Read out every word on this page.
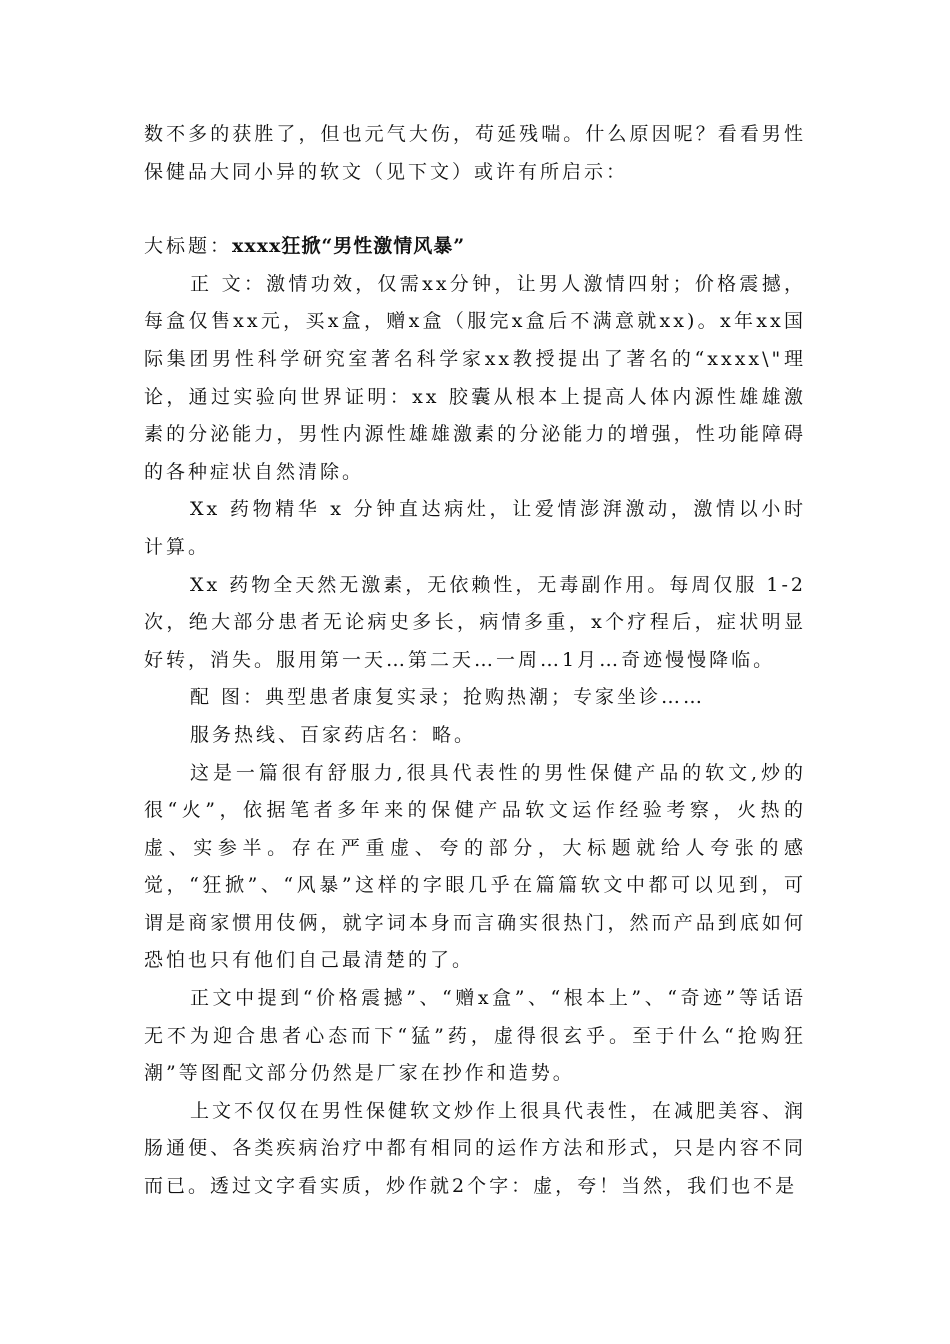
数不多的获胜了，但也元气大伤，苟延残喘。什么原因呢？看看男性保健品大同小异的软文（见下文）或许有所启示：

大标题：xxxx狂掀“男性激情风暴”

正 文：激情功效，仅需xx分钟，让男人激情四射；价格震撼，每盒仅售xx元，买x盒，赠x盒（服完x盒后不满意就xx)。x年xx国际集团男性科学研究室著名科学家xx教授提出了著名的“xxxx\"理论，通过实验向世界证明：xx 胶囊从根本上提高人体内源性雄雄激素的分泌能力，男性内源性雄雄激素的分泌能力的增强，性功能障碍的各种症状自然清除。

Xx 药物精华 x 分钟直达病灶，让爱情澎湃激动，激情以小时计算。

Xx 药物全天然无激素，无依赖性，无毒副作用。每周仅服 1-2次，绝大部分患者无论病史多长，病情多重，x个疗程后，症状明显好转，消失。服用第一天…第二天…一周…1月…奇迹慢慢降临。

配 图：典型患者康复实录；抢购热潮；专家坐诊……

服务热线、百家药店名：略。

这是一篇很有舒服力,很具代表性的男性保健产品的软文,炒的很“火”，依据笔者多年来的保健产品软文运作经验考察，火热的虚、实参半。存在严重虚、夸的部分，大标题就给人夸张的感觉，“狂掀”、“风暴”这样的字眼几乎在篇篇软文中都可以见到，可谓是商家惯用伎俩，就字词本身而言确实很热门，然而产品到底如何恐怕也只有他们自己最清楚的了。

正文中提到“价格震撼”、“赠x盒”、“根本上”、“奇迹”等话语无不为迎合患者心态而下“猛”药，虚得很玄乎。至于什么“抢购狂潮”等图配文部分仍然是厂家在抄作和造势。

上文不仅仅在男性保健软文炒作上很具代表性，在减肥美容、润肠通便、各类疾病治疗中都有相同的运作方法和形式，只是内容不同而已。透过文字看实质，炒作就2个字：虚，夸！当然，我们也不是
